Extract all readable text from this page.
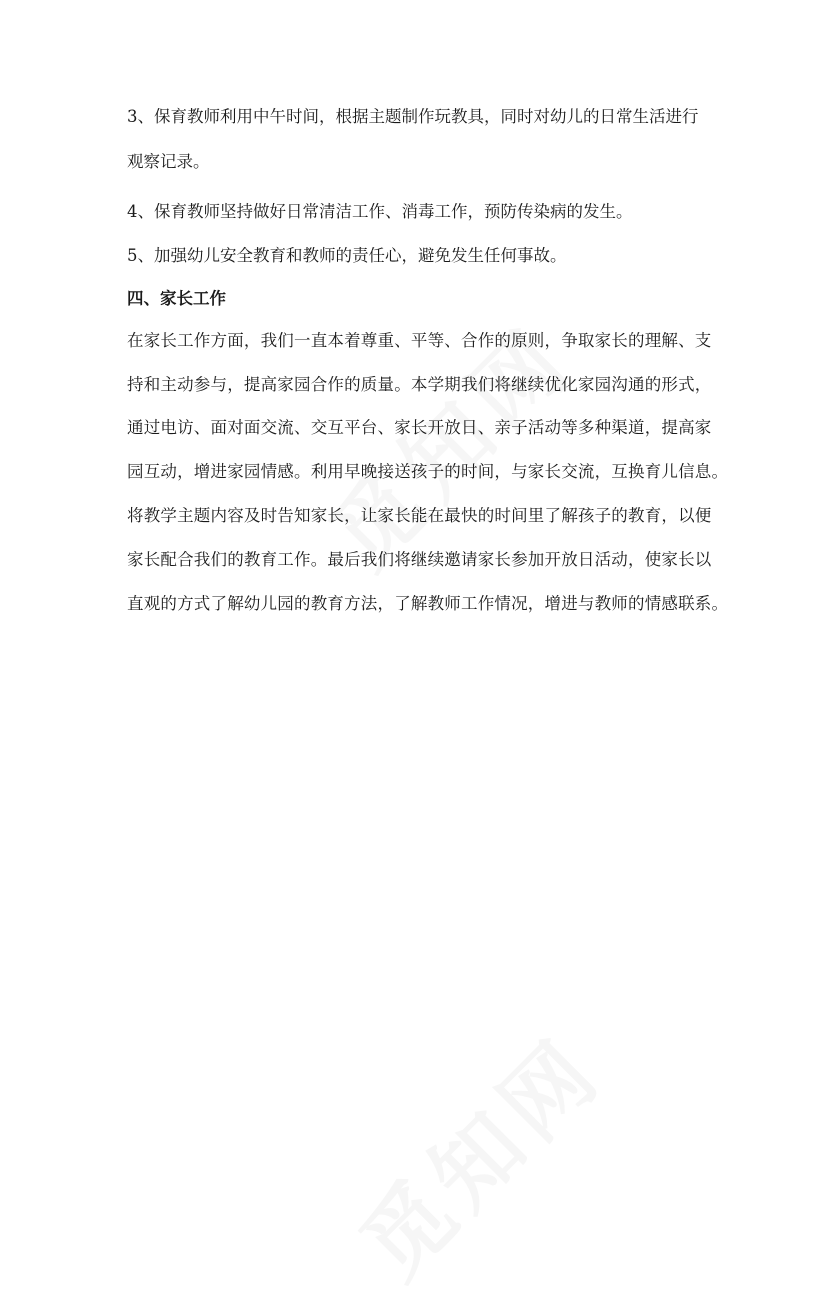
3、保育教师利用中午时间，根据主题制作玩教具，同时对幼儿的日常生活进行
观察记录。
4、保育教师坚持做好日常清洁工作、消毒工作，预防传染病的发生。
5、加强幼儿安全教育和教师的责任心，避免发生任何事故。
四、家长工作
在家长工作方面，我们一直本着尊重、平等、合作的原则，争取家长的理解、支
持和主动参与，提高家园合作的质量。本学期我们将继续优化家园沟通的形式，
通过电访、面对面交流、交互平台、家长开放日、亲子活动等多种渠道，提高家
园互动，增进家园情感。利用早晚接送孩子的时间，与家长交流，互换育儿信息。
将教学主题内容及时告知家长，让家长能在最快的时间里了解孩子的教育，以便
家长配合我们的教育工作。最后我们将继续邀请家长参加开放日活动，使家长以
直观的方式了解幼儿园的教育方法，了解教师工作情况，增进与教师的情感联系。
